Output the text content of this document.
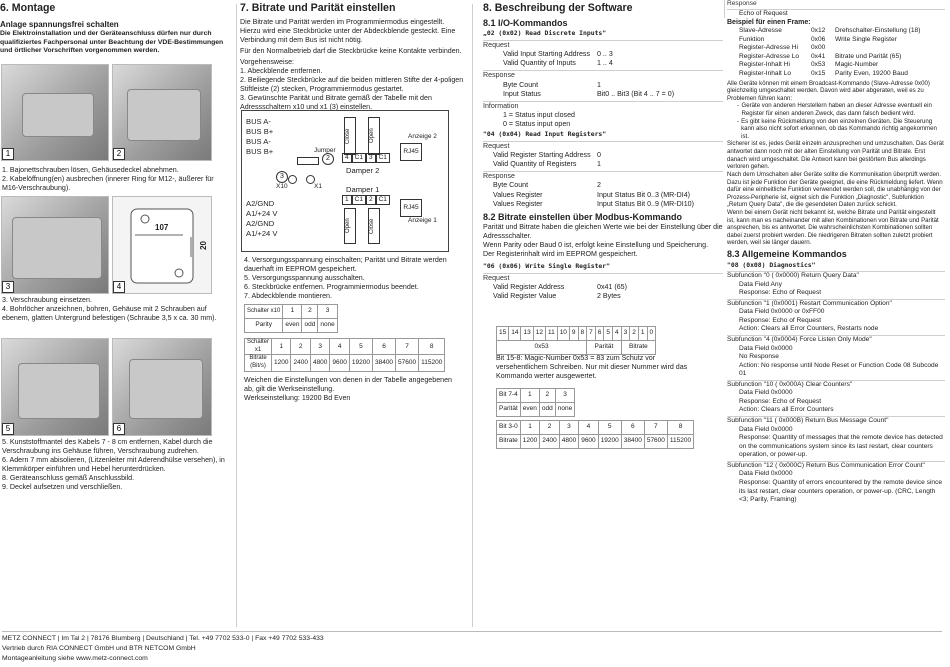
6. Montage
Anlage spannungsfrei schalten
Die Elektroinstallation und der Geräteanschluss dürfen nur durch qualifiziertes Fachpersonal unter Beachtung der VDE-Bestimmungen und örtlicher Vorschriften vorgenommen werden.
1	2

1. Bajonettschrauben lösen, Gehäusedeckel abnehmen.

2. Kabelöffnung(en) ausbrechen (innerer Ring für M12-, äußerer für M16-Verschraubung).

3
107
20
4

3. Verschraubung einsetzen.

4. Bohrlöcher anzeichnen, bohren, Gehäuse mit 2 Schrauben auf ebenem, glatten Untergrund befestigen (Schraube 3,5 x ca. 30 mm).

5	6

5. Kunststoffmantel des Kabels 7 - 8 cm entfernen, Kabel durch die Verschraubung ins Gehäuse führen, Verschraubung zudrehen.

6. Adern 7 mm abisolieren, (Litzenleiter mit Aderendhülse versehen), in Klemmkörper einführen und Hebel herunterdrücken.

8. Geräteanschluss gemäß Anschlussbild.

9. Deckel aufsetzen und verschließen.

7. Bitrate und Parität einstellen

Die Bitrate und Parität werden im Programmiermodus eingestellt. Hierzu wird eine Steckbrücke unter der Abdeckblende gesteckt. Eine Verbindung mit dem Bus ist nicht nötig.

Für den Normalbetrieb darf die Steckbrücke keine Kontakte verbinden.

Vorgehensweise:

1. Abeckblende entfernen.

2. Beiliegende Steckbrücke auf die beiden mittleren Stifte der 4-poligen Stiftleiste (2) stecken, Programmiermodus gestartet.

3. Gewünschte Parität und Bitrate gemäß der Tabelle mit den Adressschaltern x10 und x1 (3) einstellen.

BUS A-
BUS B+
BUS A-
BUS B+	Jumper
2
3
X10	X1
A2/GND
A1/+24 V
A2/GND
A1/+24 V
Close	Open
4 C1 3 C1
Damper 2
Damper 1
1 C1 2 C1
Open	Close
Anzeige 2
RJ45
RJ45
Anzeige 1

4. Versorgungsspannung einschalten; Parität und Bitrate werden dauerhaft im EEPROM gespeichert.

5. Versorgungsspannung ausschalten.

6. Steckbrücke entfernen. Programmiermodus beendet.

7. Abdeckblende montieren.

Schalter x10	1	2	3
Parity	even	odd	none
Schalter x1	1	2	3	4	5	6	7	8
Bitrate (Bit/s)	1200	2400	4800	9600	19200	38400	57600	115200

Weichen die Einstellungen von denen in der Tabelle angegebenen ab, gilt die Werkseinstellung.

Werkseinstellung: 19200 Bd Even

8. Beschreibung der Software
8.1 I/O-Kommandos
„02 (0x02) Read Discrete Inputs"
Request
Valid Input Starting Address 0 .. 3
Valid Quantity of Inputs	1 .. 4
Response
Byte Count	1
Input Status	Bit0 .. Bit3 (Bit 4 .. 7 = 0)
Information
1 = Status input closed
0 = Status input open
"04 (0x04) Read Input Registers"
Request
Valid Register Starting Address 0
Valid Quantity of Registers	1
Response
Byte Count	2
Values Register	Input Status Bit 0..3 (MR-DI4)
Values Register	Input Status Bit 0..9 (MR-DI10)
8.2 Bitrate einstellen über Modbus-Kommando

Parität und Bitrate haben die gleichen Werte wie bei der Einstellung über die Adressschalter.

Wenn Parity oder Baud 0 ist, erfolgt keine Einstellung und Speicherung.

Der Registerinhalt wird im EEPROM gespeichert.

"06 (0x06) Write Single Register"
Request
Valid Register Address	0x41 (65)
Valid Register Value	2 Bytes
15	14	13	12	11	10	9	8	7	6	5	4	3	2	1	0
0x53								Parität				Bitrate			

Bit 15-8: Magic-Number 0x53 = 83 zum Schutz vor versehentlichem Schreiben. Nur mit dieser Nummer wird das Kommando werter ausgewertet.

Bit 7-4	1	2	3
Parität	even	odd	none
Bit 3-0	1	2	3	4	5	6	7	8
Bitrate	1200	2400	4800	9600	19200	38400	57600	115200
Response
Echo of Request
Beispiel für einen Frame:
Slave-Adresse	0x12	Drehschalter-Einstellung (18)
Funktion	0x06	Write Single Register
Register-Adresse Hi	0x00
Register-Adresse Lo	0x41	Bitrate und Parität (65)
Register-Inhalt Hi	0x53	Magic-Number
Register-Inhalt Lo	0x15	Parity Even, 19200 Baud

Alle Geräte können mit einem Broadcast-Kommando (Slave-Adresse 0x00) gleichzeitig umgeschaltet werden. Davon wird aber abgeraten, weil es zu Problemen führen kann:

- Geräte von anderen Herstellern haben an dieser Adresse eventuell ein Register für einen anderen Zweck, das dann falsch bedient wird.
- Es gibt keine Rückmeldung von den einzelnen Geräten. Die Steuerung kann also nicht sofort erkennen, ob das Kommando richtig angekommen ist.

Sicherer ist es, jedes Gerät einzeln anzusprechen und umzuschalten. Das Gerät antwortet dann noch mit der alten Einstellung von Parität und Bitrate. Erst danach wird umgeschaltet. Die Antwort kann bei gestörtem Bus allerdings verloren gehen.

Nach dem Umschalten aller Geräte sollte die Kommunikation überprüft werden. Dazu ist jede Funktion der Geräte geeignet, die eine Rückmeldung liefert. Wenn dafür eine einheitliche Funktion verwendet werden soll, die unabhängig von der Prozess-Peripherie ist, eignet sich die Funktion „Diagnostic", Subfunktion „Return Query Data", die die gesendeten Daten zurück schickt.

Wenn bei einem Gerät nicht bekannt ist, welche Bitrate und Parität eingestellt ist, kann man es nacheinander mit allen Kombinationen von Bitrate und Parität ansprechen, bis es antwortet. Die wahrscheinlichsten Kombinationen sollten dabei zuerst probiert werden. Die niedrigeren Bitraten sollten zuletzt probiert werden, weil sie länger dauern.

8.3 Allgemeine Kommandos
"08 (0x08) Diagnostics"
Subfunction "0 ( 0x0000) Return Query Data"
Data Field Any
Response: Echo of Request
Subfunction "1 (0x0001) Restart Communication Option"
Data Field 0x0000 or 0xFF00
Response: Echo of Request
Action: Clears all Error Counters, Restarts node
Subfunction "4 (0x0004) Force Listen Only Mode"
Data Field 0x0000
No Response
Action: No response until Node Reset or Function Code 08 Subcode 01
Subfunction "10 ( 0x000A) Clear Counters"
Data Field 0x0000
Response: Echo of Request
Action: Clears all Error Counters
Subfunction "11 ( 0x000B) Return Bus Message Count"
Data Field 0x0000
Response: Quantity of messages that the remote device has detected on the communications system since its last restart, clear counters operation, or power-up.
Subfunction "12 ( 0x000C) Return Bus Communication Error Count"
Data Field 0x0000
Response: Quantity of errors encountered by the remote device since its last restart, clear counters operation, or power-up. (CRC, Length <3; Parity, Framing)
METZ CONNECT | Im Tal 2 | 78176 Blumberg | Deutschland | Tel. +49 7702 533-0 | Fax +49 7702 533-433
Vertrieb durch RIA CONNECT GmbH und BTR NETCOM GmbH
Montageanleitung siehe www.metz-connect.com
